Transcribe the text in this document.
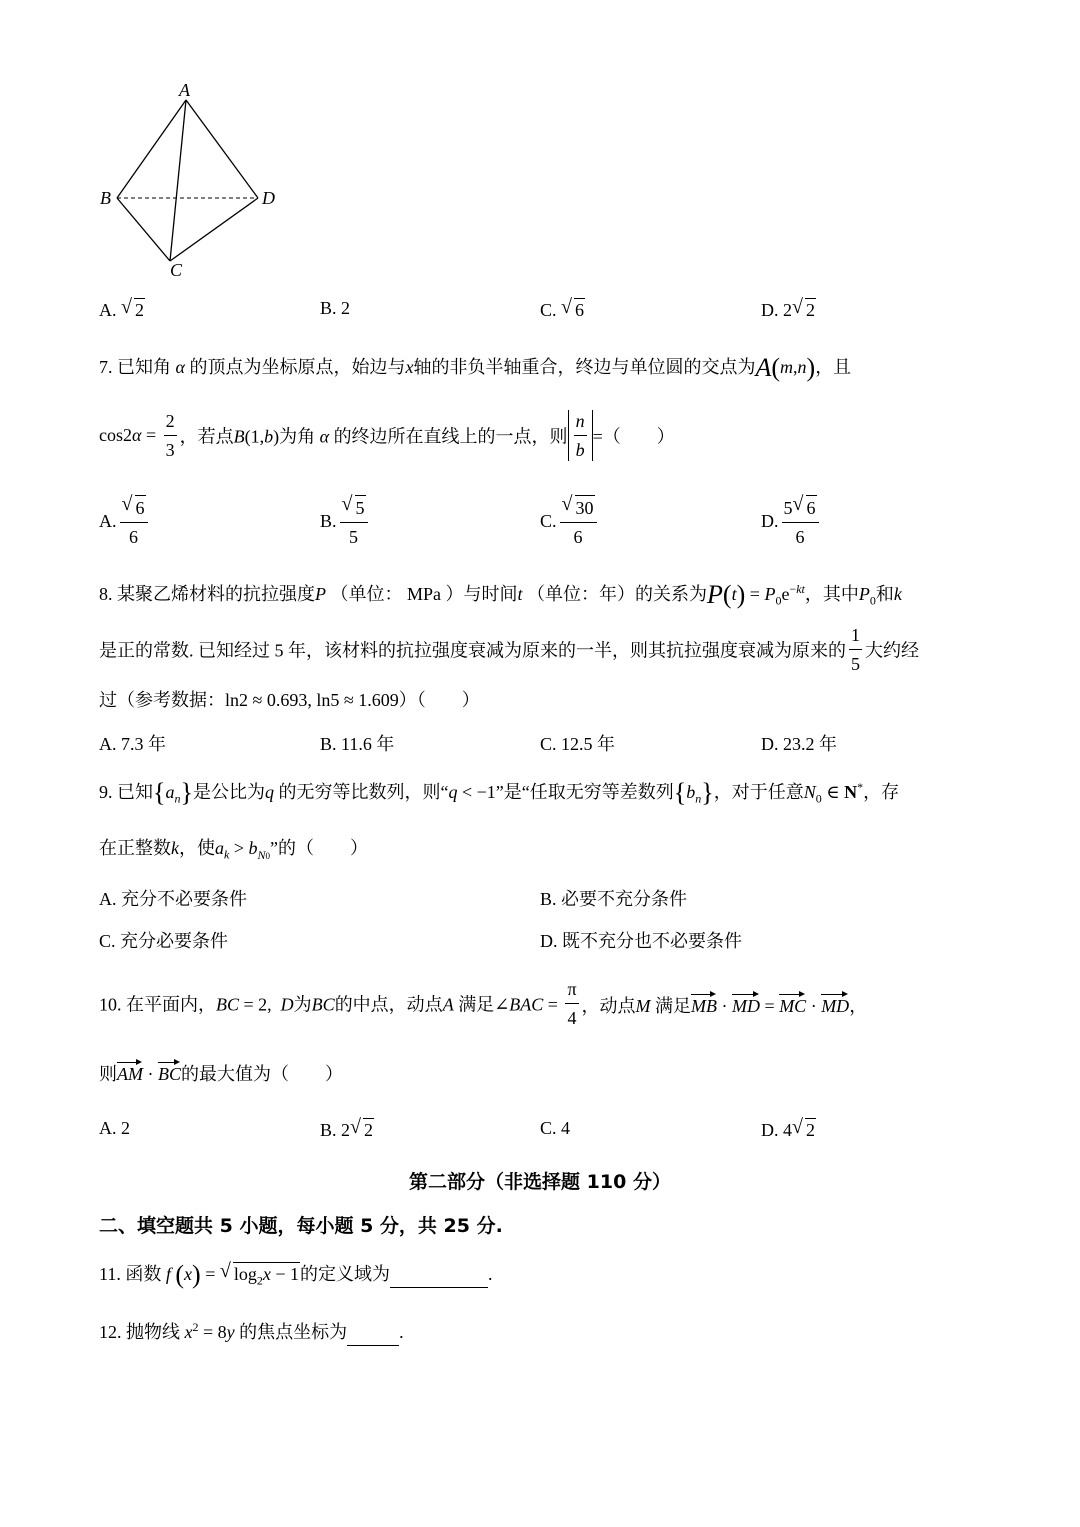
A
B	D
C
A. √ 2	B. 2	C. √ 6	D. 2 √ 2
7. 已知角 α 的顶点为坐标原点，始边与x轴的非负半轴重合，终边与单位圆的交点为A(m,n)，且
$\cos 2\alpha = \frac{2}{3}$ ，若点B(1,b)为角 α 的终边所在直线上的一点，则 $\frac{n}{b}$ =（　　）
A. √ $\frac{6}{6}$	B. √ $\frac{5}{5}$	C. √ $\frac{30}{6}$	D. $\frac{5 √ 6}{6}$
8. 某聚乙烯材料的抗拉强度P （单位： MPa ）与时间t （单位：年）的关系为$P(t) = P_0e^{-kt}$，其中$P_0$和k
是正的常数. 已知经过 5 年，该材料的抗拉强度衰减为原来的一半，则其抗拉强度衰减为原来的 $\frac{1}{5}$ 大约经
过（参考数据：ln2 ≈ 0.693, ln5 ≈ 1.609）（　　）
A. 7.3 年	B. 11.6 年	C. 12.5 年	D. 23.2 年
9. 已知$\{a_n\}$是公比为q 的无穷等比数列，则“q < −1”是“任取无穷等差数列$\{b_n\}$，对于任意$N_0$ ∈ N*，存
在正整数k，使$a_k > b_{N0}$”的（　　）
A. 充分不必要条件	B. 必要不充分条件
C. 充分必要条件	D. 既不充分也不必要条件
10. 在平面内，BC = 2,  D为BC的中点，动点A 满足∠BAC = $\frac{\pi}{4}$ ，动点M 满足MB · MD = MC · MD，
则AM · BC的最大值为（　　）
A. 2	B. 2 √ 2	C. 4	D. 4 √ 2
第二部分（非选择题 110 分）
二、填空题共 5 小题，每小题 5 分，共 25 分.
11. 函数 f (x) = √ $\log_2x - 1$的定义域为	.
12. 抛物线 $x^2 = 8y$ 的焦点坐标为	.
